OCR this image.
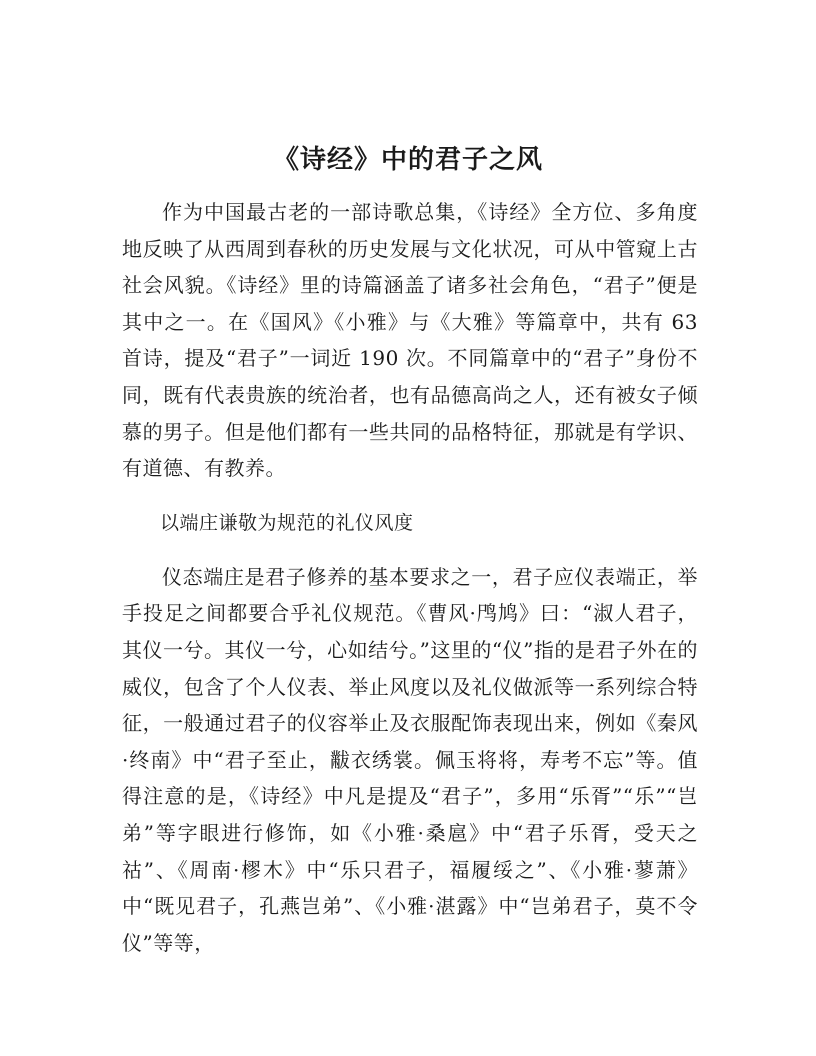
《诗经》中的君子之风

作为中国最古老的一部诗歌总集，《诗经》全方位、多角度地反映了从西周到春秋的历史发展与文化状况，可从中管窥上古社会风貌。《诗经》里的诗篇涵盖了诸多社会角色，“君子”便是其中之一。在《国风》《小雅》与《大雅》等篇章中，共有 63 首诗，提及“君子”一词近 190 次。不同篇章中的“君子”身份不同，既有代表贵族的统治者，也有品德高尚之人，还有被女子倾慕的男子。但是他们都有一些共同的品格特征，那就是有学识、有道德、有教养。

以端庄谦敬为规范的礼仪风度

仪态端庄是君子修养的基本要求之一，君子应仪表端正，举手投足之间都要合乎礼仪规范。《曹风·鸤鸠》曰：“淑人君子，其仪一兮。其仪一兮，心如结兮。”这里的“仪”指的是君子外在的威仪，包含了个人仪表、举止风度以及礼仪做派等一系列综合特征，一般通过君子的仪容举止及衣服配饰表现出来，例如《秦风·终南》中“君子至止，黻衣绣裳。佩玉将将，寿考不忘”等。值得注意的是，《诗经》中凡是提及“君子”，多用“乐胥”“乐”“岂弟”等字眼进行修饰，如《小雅·桑扈》中“君子乐胥，受天之祜”、《周南·樛木》中“乐只君子，福履绥之”、《小雅·蓼萧》中“既见君子，孔燕岂弟”、《小雅·湛露》中“岂弟君子，莫不令仪”等等，
